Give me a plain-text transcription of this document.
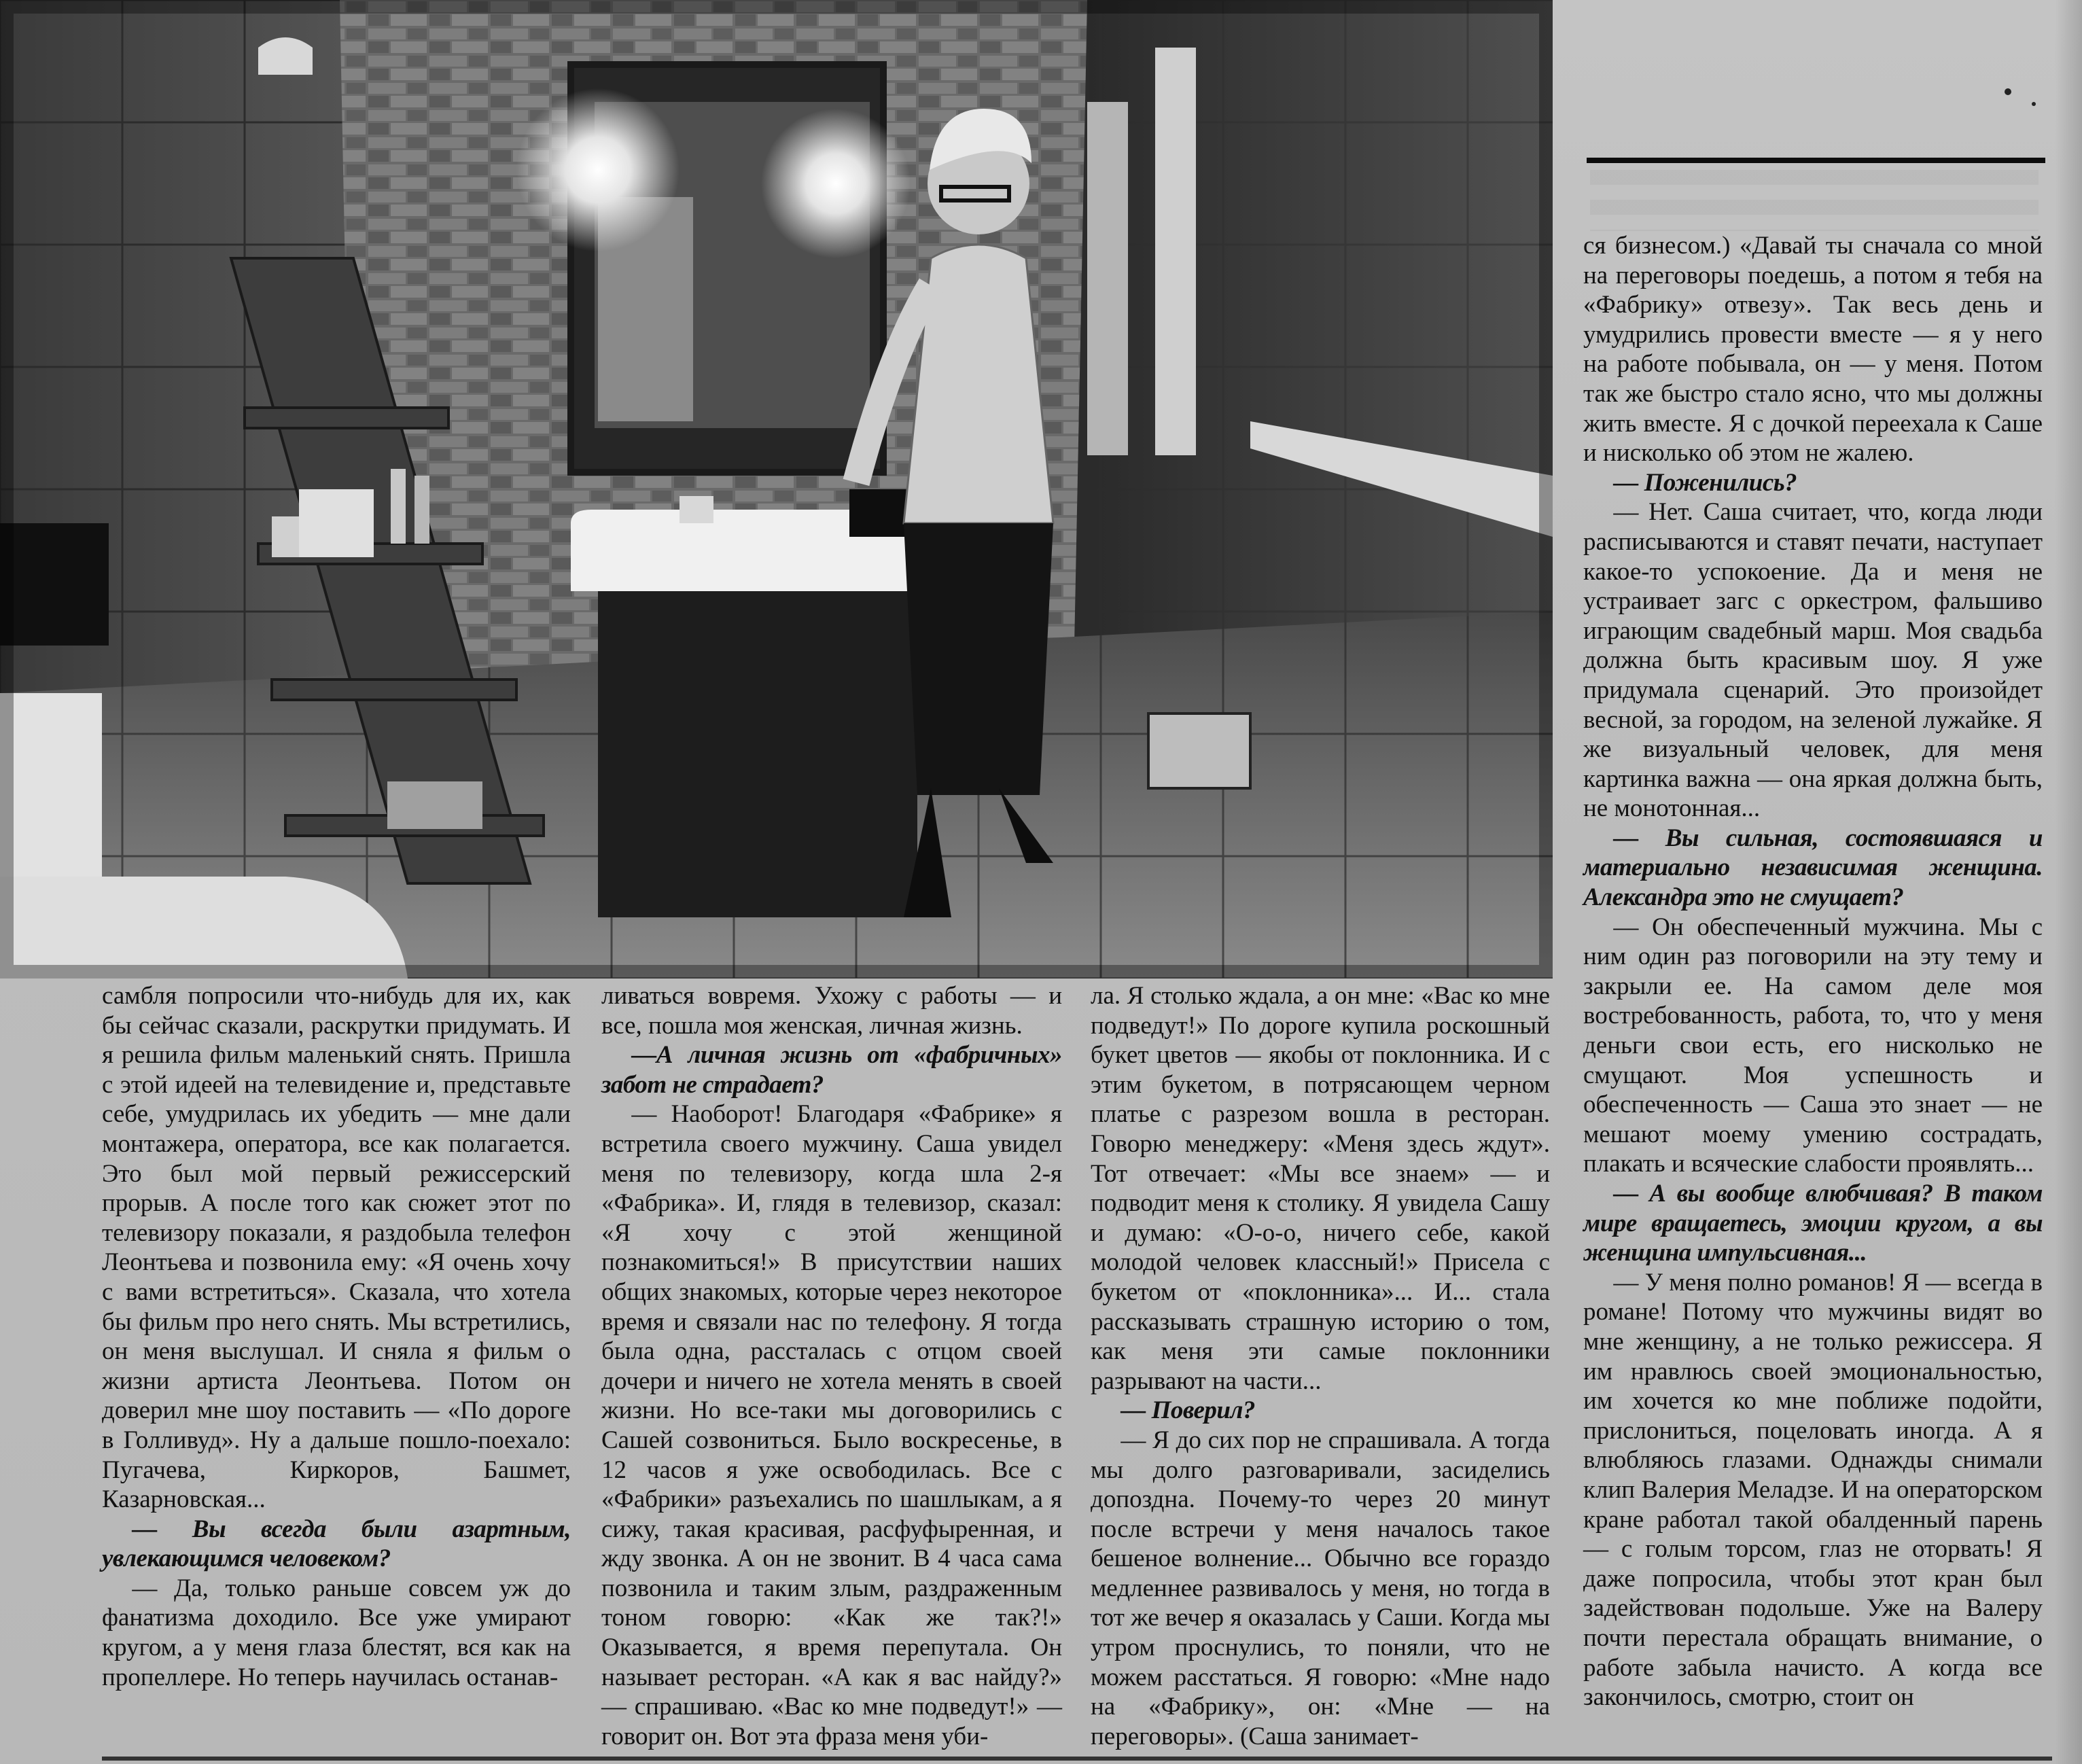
ся бизнесом.) «Давай ты сначала со мной на переговоры поедешь, а потом я тебя на «Фабрику» отвезу». Так весь день и умудрились провести вместе — я у него на работе побывала, он — у меня. Потом так же быстро стало ясно, что мы должны жить вместе. Я с дочкой переехала к Саше и нисколько об этом не жалею.

— Поженились?

— Нет. Саша считает, что, когда люди расписываются и ставят печати, наступает какое-то успокоение. Да и меня не устраивает загс с оркестром, фальшиво играющим свадебный марш. Моя свадьба должна быть красивым шоу. Я уже придумала сценарий. Это произойдет весной, за городом, на зеленой лужайке. Я же визуальный человек, для меня картинка важна — она яркая должна быть, не монотонная...

— Вы сильная, состоявшаяся и материально независимая женщина. Александра это не смущает?

— Он обеспеченный мужчина. Мы с ним один раз поговорили на эту тему и закрыли ее. На самом деле моя востребованность, работа, то, что у меня деньги свои есть, его нисколько не смущают. Моя успешность и обеспеченность — Саша это знает — не мешают моему умению сострадать, плакать и всяческие слабости проявлять...

— А вы вообще влюбчивая? В таком мире вращаетесь, эмоции кругом, а вы женщина импульсивная...

— У меня полно романов! Я — всегда в романе! Потому что мужчины видят во мне женщину, а не только режиссера. Я им нравлюсь своей эмоциональностью, им хочется ко мне поближе подойти, прислониться, поцеловать иногда. А я влюбляюсь глазами. Однажды снимали клип Валерия Меладзе. И на операторском кране работал такой обалденный парень — с голым торсом, глаз не оторвать! Я даже попросила, чтобы этот кран был задействован подольше. Уже на Валеру почти перестала обращать внимание, о работе забыла начисто. А когда все закончилось, смотрю, стоит он

самбля попросили что-нибудь для их, как бы сейчас сказали, раскрутки придумать. И я решила фильм маленький снять. Пришла с этой идеей на телевидение и, представьте себе, умудрилась их убедить — мне дали монтажера, оператора, все как полагается. Это был мой первый режиссерский прорыв. А после того как сюжет этот по телевизору показали, я раздобыла телефон Леонтьева и позвонила ему: «Я очень хочу с вами встретиться». Сказала, что хотела бы фильм про него снять. Мы встретились, он меня выслушал. И сняла я фильм о жизни артиста Леонтьева. Потом он доверил мне шоу поставить — «По дороге в Голливуд». Ну а дальше пошло-поехало: Пугачева, Киркоров, Башмет, Казарновская...

— Вы всегда были азартным, увлекающимся человеком?

— Да, только раньше совсем уж до фанатизма доходило. Все уже умирают кругом, а у меня глаза блестят, вся как на пропеллере. Но теперь научилась останав-

ливаться вовремя. Ухожу с работы — и все, пошла моя женская, личная жизнь.

—А личная жизнь от «фабричных» забот не страдает?

— Наоборот! Благодаря «Фабрике» я встретила своего мужчину. Саша увидел меня по телевизору, когда шла 2-я «Фабрика». И, глядя в телевизор, сказал: «Я хочу с этой женщиной познакомиться!» В присутствии наших общих знакомых, которые через некоторое время и связали нас по телефону. Я тогда была одна, рассталась с отцом своей дочери и ничего не хотела менять в своей жизни. Но все-таки мы договорились с Сашей созвониться. Было воскресенье, в 12 часов я уже освободилась. Все с «Фабрики» разъехались по шашлыкам, а я сижу, такая красивая, расфуфыренная, и жду звонка. А он не звонит. В 4 часа сама позвонила и таким злым, раздраженным тоном говорю: «Как же так?!» Оказывается, я время перепутала. Он называет ресторан. «А как я вас найду?» — спрашиваю. «Вас ко мне подведут!» — говорит он. Вот эта фраза меня уби-

ла. Я столько ждала, а он мне: «Вас ко мне подведут!» По дороге купила роскошный букет цветов — якобы от поклонника. И с этим букетом, в потрясающем черном платье с разрезом вошла в ресторан. Говорю менеджеру: «Меня здесь ждут». Тот отвечает: «Мы все знаем» — и подводит меня к столику. Я увидела Сашу и думаю: «О-о-о, ничего себе, какой молодой человек классный!» Присела с букетом от «поклонника»... И... стала рассказывать страшную историю о том, как меня эти самые поклонники разрывают на части...

— Поверил?

— Я до сих пор не спрашивала. А тогда мы долго разговаривали, засиделись допоздна. Почему-то через 20 минут после встречи у меня началось такое бешеное волнение... Обычно все гораздо медленнее развивалось у меня, но тогда в тот же вечер я оказалась у Саши. Когда мы утром проснулись, то поняли, что не можем расстаться. Я говорю: «Мне надо на «Фабрику», он: «Мне — на переговоры». (Саша занимает-
